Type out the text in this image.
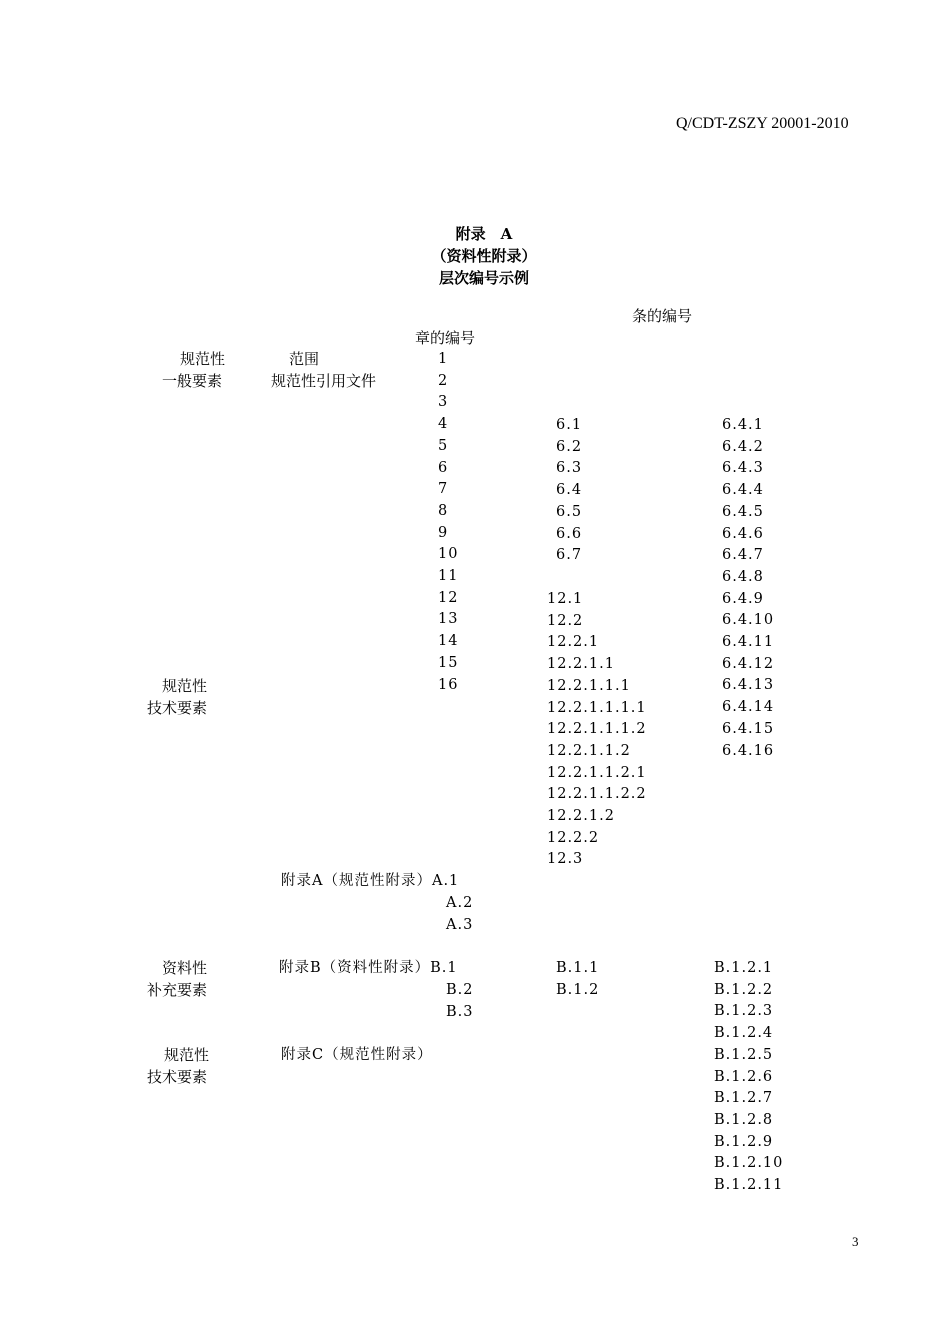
Q/CDT-ZSZY 20001-2010
附录　A
（资料性附录）
层次编号示例
条的编号
章的编号
规范性
一般要素
规范性
技术要素
资料性
补充要素
规范性
技术要素
范围
规范性引用文件
附录A（规范性附录）A.1
附录B（资料性附录）B.1
附录C（规范性附录）
1
2
3
4
5
6
7
8
9
10
11
12
13
14
15
16
A.2
A.3
B.2
B.3
6.1
6.2
6.3
6.4
6.5
6.6
6.7
12.1
12.2
12.2.1
12.2.1.1
12.2.1.1.1
12.2.1.1.1.1
12.2.1.1.1.2
12.2.1.1.2
12.2.1.1.2.1
12.2.1.1.2.2
12.2.1.2
12.2.2
12.3
B.1.1
B.1.2
6.4.1
6.4.2
6.4.3
6.4.4
6.4.5
6.4.6
6.4.7
6.4.8
6.4.9
6.4.10
6.4.11
6.4.12
6.4.13
6.4.14
6.4.15
6.4.16
B.1.2.1
B.1.2.2
B.1.2.3
B.1.2.4
B.1.2.5
B.1.2.6
B.1.2.7
B.1.2.8
B.1.2.9
B.1.2.10
B.1.2.11
3
